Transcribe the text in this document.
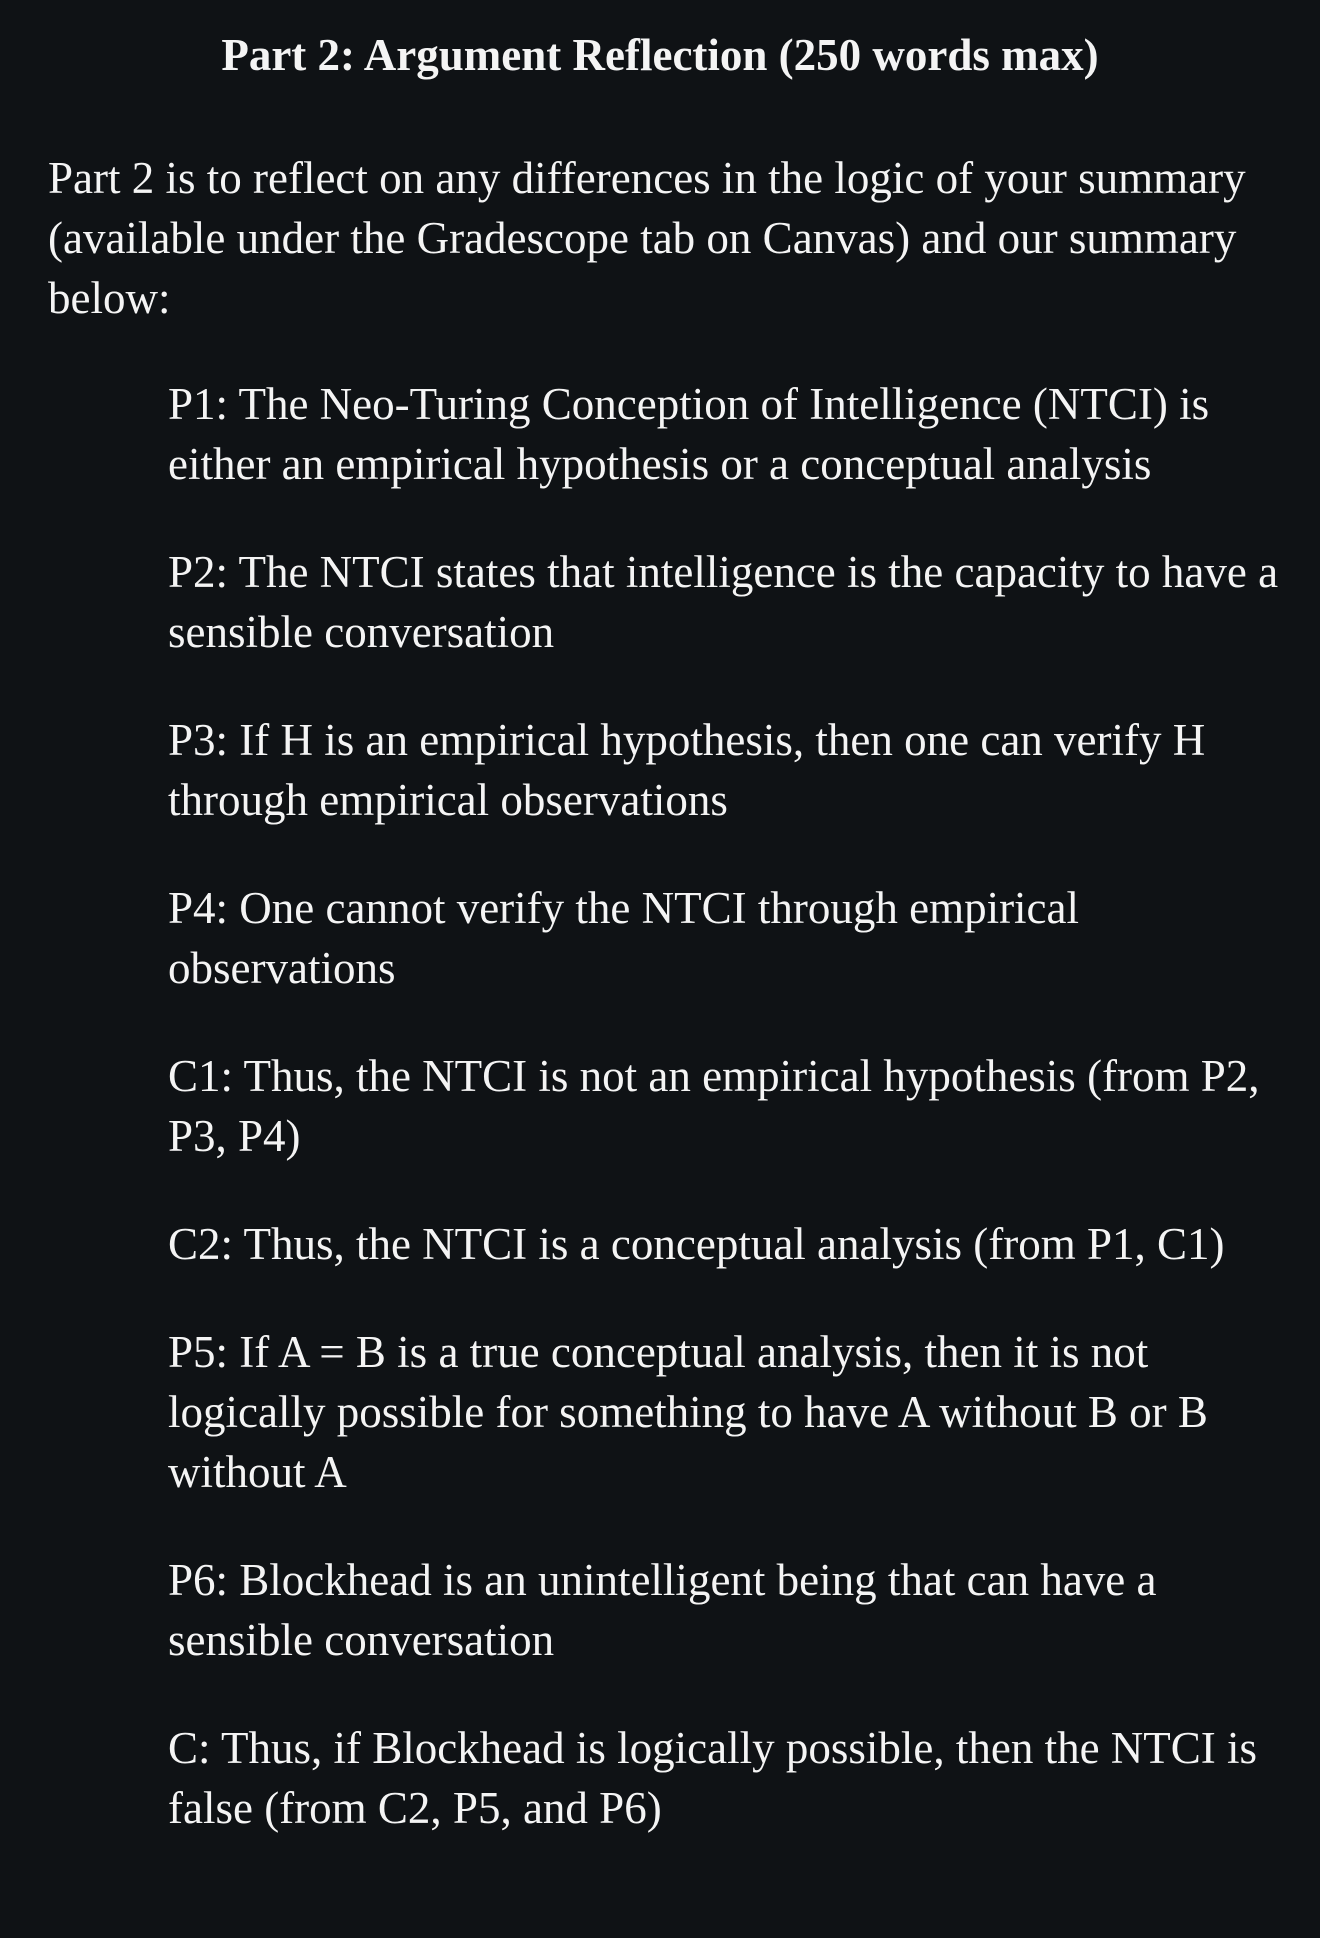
Part 2: Argument Reflection (250 words max)

Part 2 is to reflect on any differences in the logic of your summary (available under the Gradescope tab on Canvas) and our summary below:

P1: The Neo-Turing Conception of Intelligence (NTCI) is either an empirical hypothesis or a conceptual analysis
P2: The NTCI states that intelligence is the capacity to have a sensible conversation
P3: If H is an empirical hypothesis, then one can verify H through empirical observations
P4: One cannot verify the NTCI through empirical observations
C1: Thus, the NTCI is not an empirical hypothesis (from P2, P3, P4)
C2: Thus, the NTCI is a conceptual analysis (from P1, C1)
P5: If A = B is a true conceptual analysis, then it is not logically possible for something to have A without B or B without A
P6: Blockhead is an unintelligent being that can have a sensible conversation
C: Thus, if Blockhead is logically possible, then the NTCI is false (from C2, P5, and P6)
